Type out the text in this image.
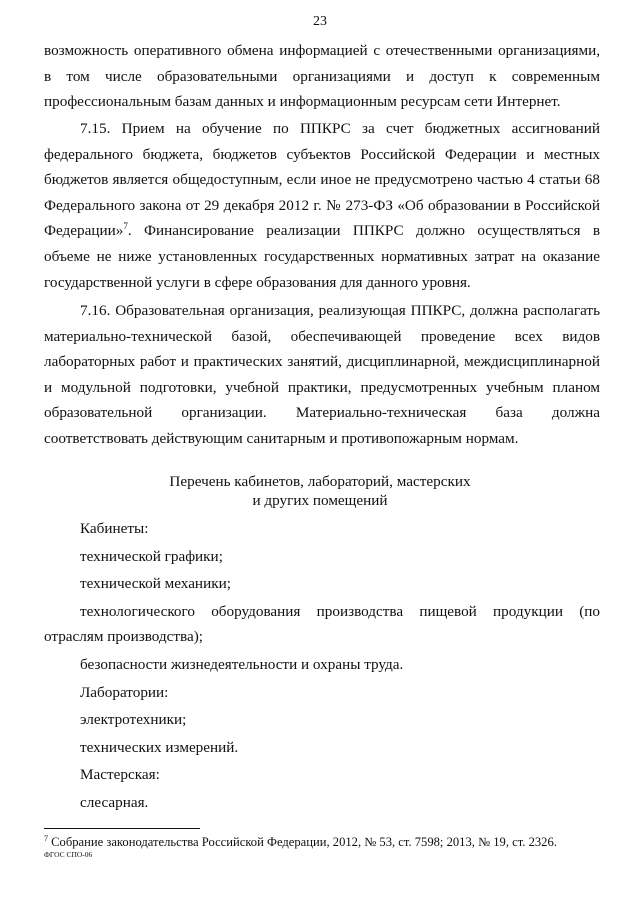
23

возможность оперативного обмена информацией с отечественными организациями,
в том числе образовательными организациями и доступ к современным
профессиональным базам данных и информационным ресурсам сети Интернет.

7.15. Прием на обучение по ППКРС за счет бюджетных ассигнований
федерального бюджета, бюджетов субъектов Российской Федерации и местных
бюджетов является общедоступным, если иное не предусмотрено частью 4 статьи 68
Федерального закона от 29 декабря 2012 г. № 273-ФЗ «Об образовании в Российской
Федерации»$^7$. Финансирование реализации ППКРС должно осуществляться в
объеме не ниже установленных государственных нормативных затрат на оказание
государственной услуги в сфере образования для данного уровня.

7.16. Образовательная организация, реализующая ППКРС, должна располагать
материально-технической базой, обеспечивающей проведение всех видов
лабораторных работ и практических занятий, дисциплинарной, междисциплинарной
и модульной подготовки, учебной практики, предусмотренных учебным планом
образовательной организации. Материально-техническая база должна
соответствовать действующим санитарным и противопожарным нормам.

Перечень кабинетов, лабораторий, мастерских
и других помещений
Кабинеты:
технической графики;
технической механики;
технологического оборудования производства пищевой продукции (по
отраслям производства);
безопасности жизнедеятельности и охраны труда.
Лаборатории:
электротехники;
технических измерений.
Мастерская:
слесарная.
$^7$ Собрание законодательства Российской Федерации, 2012, № 53, ст. 7598; 2013, № 19, ст. 2326.
ФГОС СПО-06
